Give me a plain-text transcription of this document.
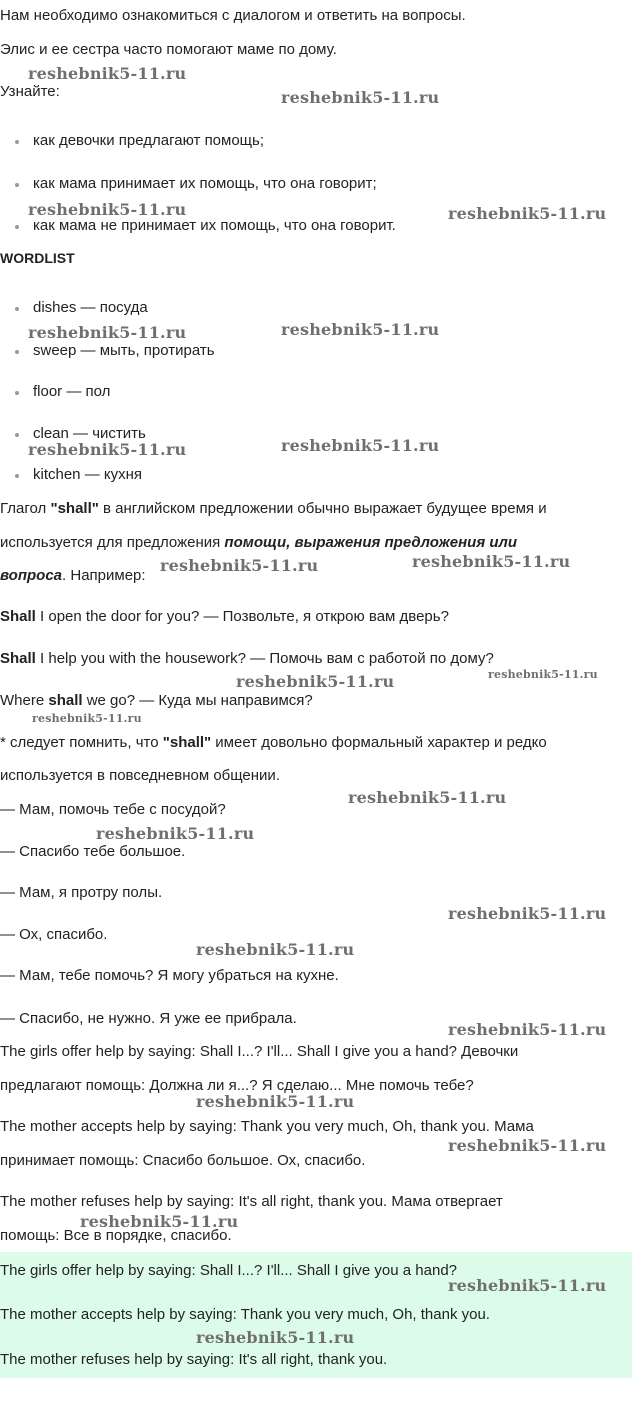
Нам необходимо ознакомиться с диалогом и ответить на вопросы.
Элис и ее сестра часто помогают маме по дому.
Узнайте:
как девочки предлагают помощь;
как мама принимает их помощь, что она говорит;
как мама не принимает их помощь, что она говорит.
WORDLIST
dishes — посуда
sweep — мыть, протирать
floor — пол
clean — чистить
kitchen — кухня
Глагол "shall" в английском предложении обычно выражает будущее время и
используется для предложения помощи, выражения предложения или
вопроса. Например:
Shall I open the door for you? — Позвольте, я открою вам дверь?
Shall I help you with the housework? — Помочь вам с работой по дому?
Where shall we go? — Куда мы направимся?
* следует помнить, что "shall" имеет довольно формальный характер и редко
используется в повседневном общении.
— Мам, помочь тебе с посудой?
— Спасибо тебе большое.
— Мам, я протру полы.
— Ох, спасибо.
— Мам, тебе помочь? Я могу убраться на кухне.
— Спасибо, не нужно. Я уже ее прибрала.
The girls offer help by saying: Shall I...? I'll... Shall I give you a hand? Девочки
предлагают помощь: Должна ли я...? Я сделаю... Мне помочь тебе?
The mother accepts help by saying: Thank you very much, Oh, thank you. Мама
принимает помощь: Спасибо большое. Ох, спасибо.
The mother refuses help by saying: It's all right, thank you. Мама отвергает
помощь: Все в порядке, спасибо.
The girls offer help by saying: Shall I...? I'll... Shall I give you a hand?
The mother accepts help by saying: Thank you very much, Oh, thank you.
The mother refuses help by saying: It's all right, thank you.
reshebnik5-11.ru
reshebnik5-11.ru
reshebnik5-11.ru	reshebnik5-11.ru
reshebnik5-11.ru	reshebnik5-11.ru
reshebnik5-11.ru	reshebnik5-11.ru
reshebnik5-11.ru	reshebnik5-11.ru
reshebnik5-11.ru	reshebnik5-11.ru
reshebnik5-11.ru
reshebnik5-11.ru
reshebnik5-11.ru
reshebnik5-11.ru
reshebnik5-11.ru
reshebnik5-11.ru
reshebnik5-11.ru
reshebnik5-11.ru
reshebnik5-11.ru
reshebnik5-11.ru
reshebnik5-11.ru
